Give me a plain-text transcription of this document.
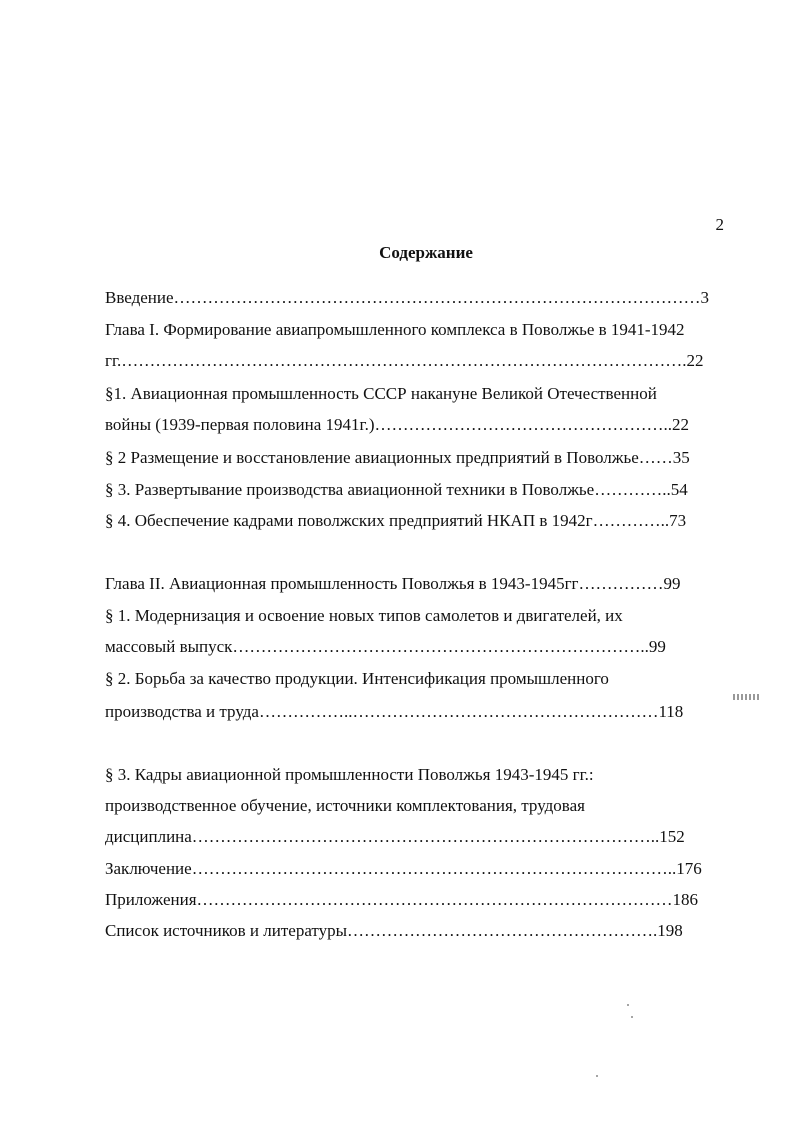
2
Содержание
Введение…………………………………………………………………………………3
Глава I. Формирование авиапромышленного комплекса в Поволжье в 1941-1942
гг.……………………………………………………………………………………….22
§1. Авиационная промышленность СССР накануне Великой Отечественной
войны (1939-первая половина 1941г.)……………………………………………..22
§ 2 Размещение и восстановление авиационных предприятий в Поволжье……35
§ 3. Развертывание производства авиационной техники в Поволжье…………..54
§ 4. Обеспечение кадрами поволжских предприятий НКАП в 1942г…………..73
Глава II. Авиационная промышленность Поволжья в 1943-1945гг……………99
§ 1. Модернизация и освоение новых типов самолетов и двигателей, их
массовый выпуск………………………………………………………………..99
§ 2. Борьба за качество продукции. Интенсификация промышленного
производства и труда……………..………………………………………………118
§ 3. Кадры авиационной промышленности Поволжья 1943-1945 гг.:
производственное обучение, источники комплектования, трудовая
дисциплина………………………………………………………………………..152
Заключение…………………………………………………………………………..176
Приложения…………………………………………………………………………186
Список источников и литературы……………………………………………….198
